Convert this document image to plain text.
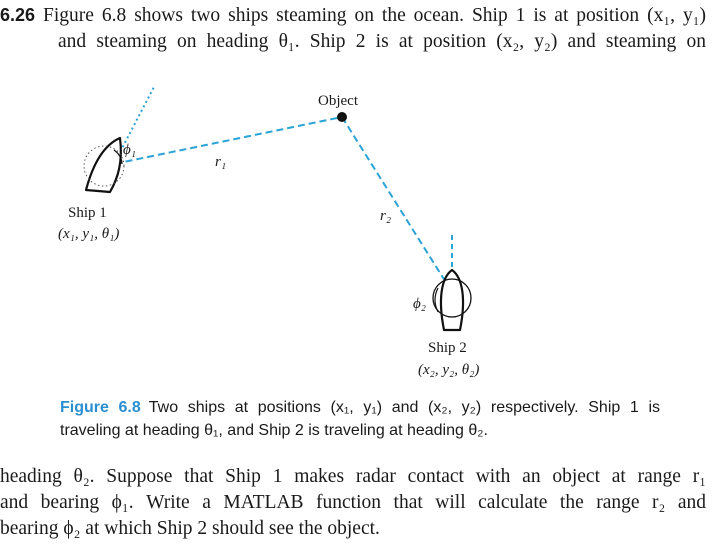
6.26 Figure 6.8 shows two ships steaming on the ocean. Ship 1 is at position (x₁, y₁)
and steaming on heading θ₁. Ship 2 is at position (x₂, y₂) and steaming on
Object
r₁
r₂
ϕ₁
ϕ₂
Ship 1
(x₁, y₁, θ₁)
Ship 2
(x₂, y₂, θ₂)
Figure 6.8 Two ships at positions (x₁, y₁) and (x₂, y₂) respectively. Ship 1 is
traveling at heading θ₁, and Ship 2 is traveling at heading θ₂.
heading θ₂. Suppose that Ship 1 makes radar contact with an object at range r₁
and bearing ϕ₁. Write a MATLAB function that will calculate the range r₂ and
bearing ϕ₂ at which Ship 2 should see the object.
